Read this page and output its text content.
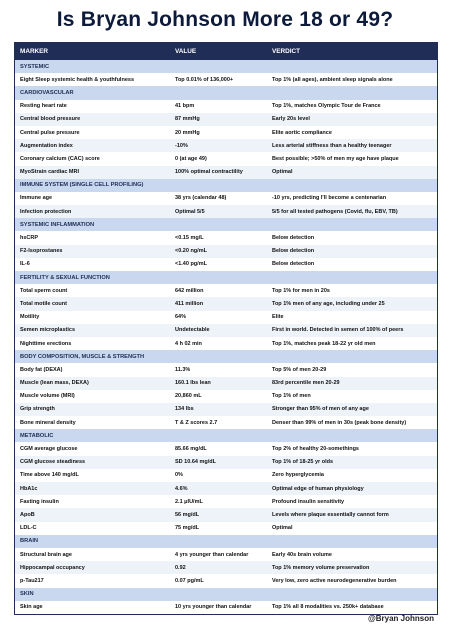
Is Bryan Johnson More 18 or 49?
MARKER	VALUE	VERDICT
SYSTEMIC
Eight Sleep systemic health & youthfulness	Top 0.01% of 136,000+	Top 1% (all ages), ambient sleep signals alone
CARDIOVASCULAR
Resting heart rate	41 bpm	Top 1%, matches Olympic Tour de France
Central blood pressure	87 mmHg	Early 20s level
Central pulse pressure	20 mmHg	Elite aortic compliance
Augmentation index	-10%	Less arterial stiffness than a healthy teenager
Coronary calcium (CAC) score	0 (at age 49)	Best possible; >50% of men my age have plaque
MyoStrain cardiac MRI	100% optimal contractility	Optimal
IMMUNE SYSTEM (SINGLE CELL PROFILING)
Immune age	38 yrs (calendar 48)	-10 yrs, predicting I'll become a centenarian
Infection protection	Optimal 5/5	5/5 for all tested pathogens (Covid, flu, EBV, TB)
SYSTEMIC INFLAMMATION
hsCRP	<0.15 mg/L	Below detection
F2-Isoprostanes	<0.20 ng/mL	Below detection
IL-6	<1.40 pg/mL	Below detection
FERTILITY & SEXUAL FUNCTION
Total sperm count	642 million	Top 1% for men in 20s
Total motile count	411 million	Top 1% men of any age, including under 25
Motility	64%	Elite
Semen microplastics	Undetectable	First in world. Detected in semen of 100% of peers
Nighttime erections	4 h 02 min	Top 1%, matches peak 18-22 yr old men
BODY COMPOSITION, MUSCLE & STRENGTH
Body fat (DEXA)	11.3%	Top 5% of men 20-29
Muscle (lean mass, DEXA)	160.1 lbs lean	83rd percentile men 20-29
Muscle volume (MRI)	20,860 mL	Top 1% of men
Grip strength	134 lbs	Stronger than 95% of men of any age
Bone mineral density	T & Z scores 2.7	Denser than 99% of men in 30s (peak bone density)
METABOLIC
CGM average glucose	85.66 mg/dL	Top 2% of healthy 20-somethings
CGM glucose steadiness	SD 10.64 mg/dL	Top 1% of 18-25 yr olds
Time above 140 mg/dL	0%	Zero hyperglycemia
HbA1c	4.6%	Optimal edge of human physiology
Fasting insulin	2.1 μIU/mL	Profound insulin sensitivity
ApoB	56 mg/dL	Levels where plaque essentially cannot form
LDL-C	75 mg/dL	Optimal
BRAIN
Structural brain age	4 yrs younger than calendar	Early 40s brain volume
Hippocampal occupancy	0.92	Top 1% memory volume preservation
p-Tau217	0.07 pg/mL	Very low, zero active neurodegenerative burden
SKIN
Skin age	10 yrs younger than calendar	Top 1% all 8 modalities vs. 250k+ database
@Bryan Johnson
